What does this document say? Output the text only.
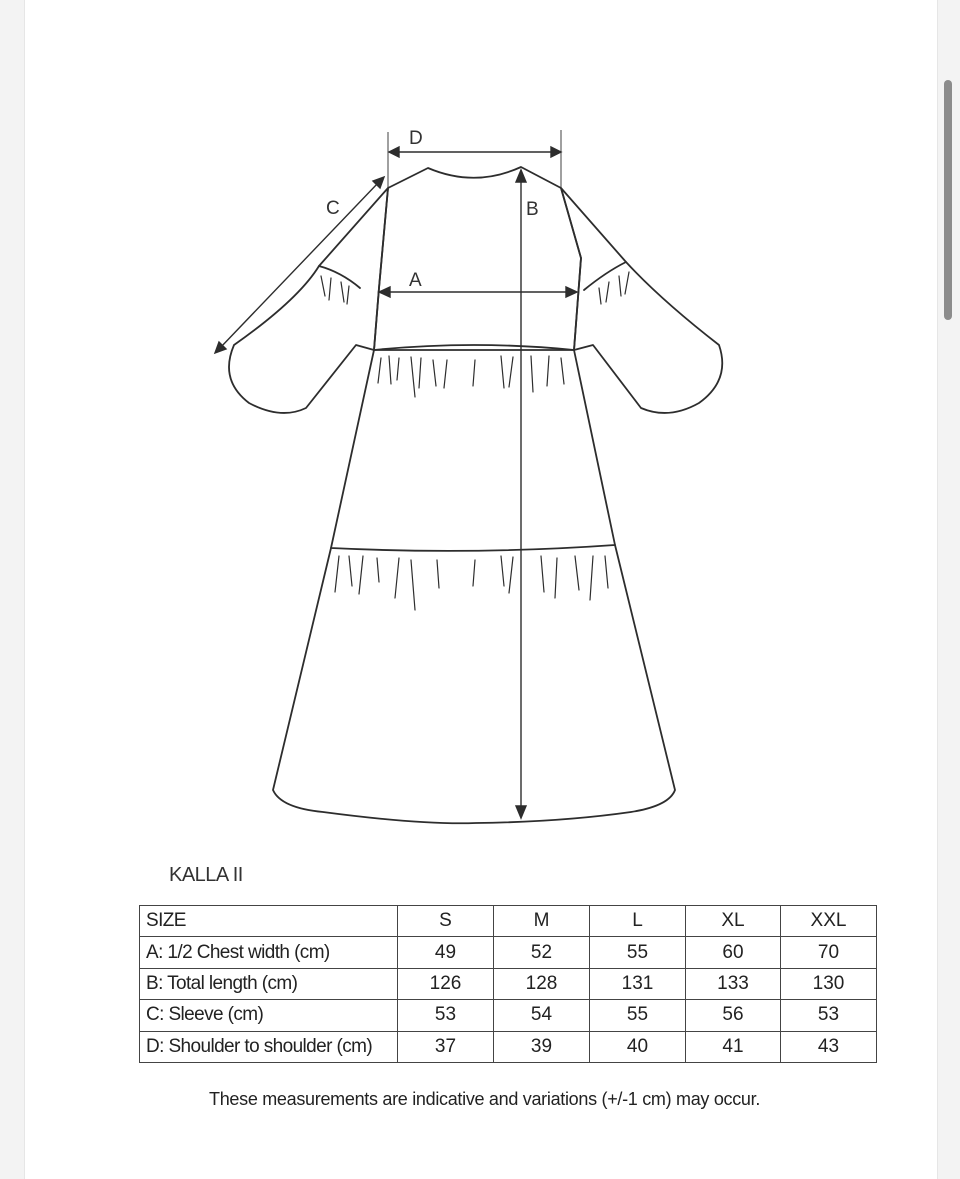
D
B
C
A
KALLA II
SIZE	S	M	L	XL	XXL
A: 1/2 Chest width (cm)	49	52	55	60	70
B: Total length (cm)	126	128	131	133	130
C: Sleeve (cm)	53	54	55	56	53
D: Shoulder to shoulder (cm)	37	39	40	41	43
These measurements are indicative and variations (+/-1 cm) may occur.
